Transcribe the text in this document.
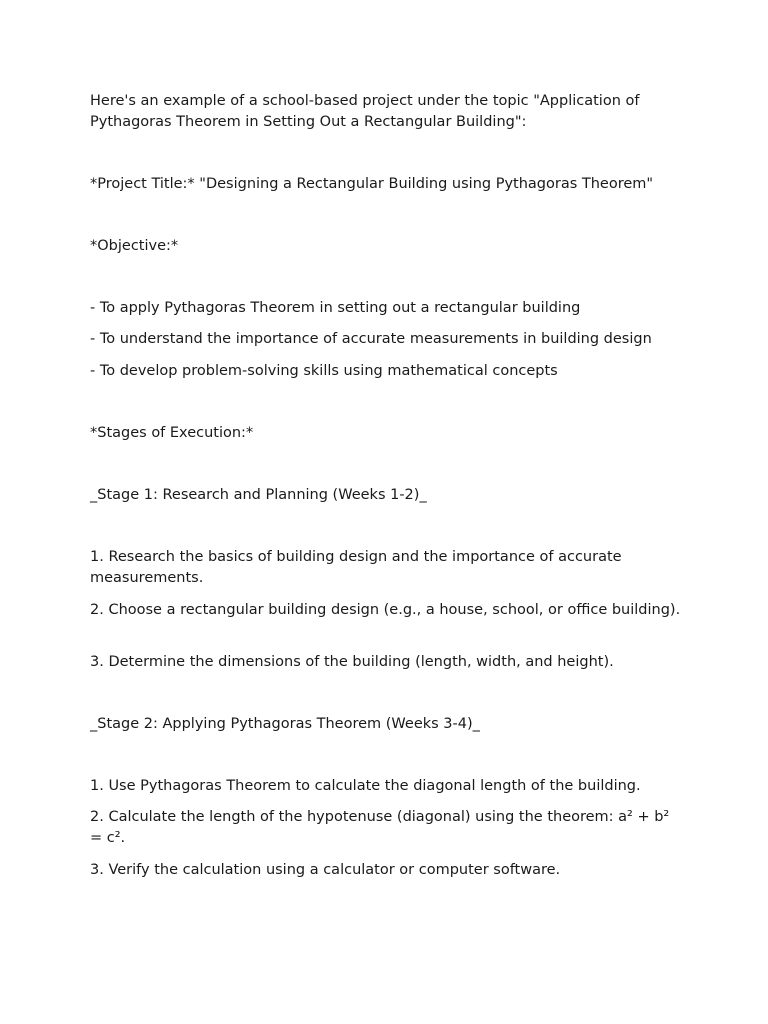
Here's an example of a school-based project under the topic "Application of Pythagoras Theorem in Setting Out a Rectangular Building":

*Project Title:* "Designing a Rectangular Building using Pythagoras Theorem"

*Objective:*

- To apply Pythagoras Theorem in setting out a rectangular building

- To understand the importance of accurate measurements in building design

- To develop problem-solving skills using mathematical concepts

*Stages of Execution:*

_Stage 1: Research and Planning (Weeks 1-2)_

1. Research the basics of building design and the importance of accurate measurements.

2. Choose a rectangular building design (e.g., a house, school, or office building).

3. Determine the dimensions of the building (length, width, and height).

_Stage 2: Applying Pythagoras Theorem (Weeks 3-4)_

1. Use Pythagoras Theorem to calculate the diagonal length of the building.

2. Calculate the length of the hypotenuse (diagonal) using the theorem: a² + b² = c².

3. Verify the calculation using a calculator or computer software.
